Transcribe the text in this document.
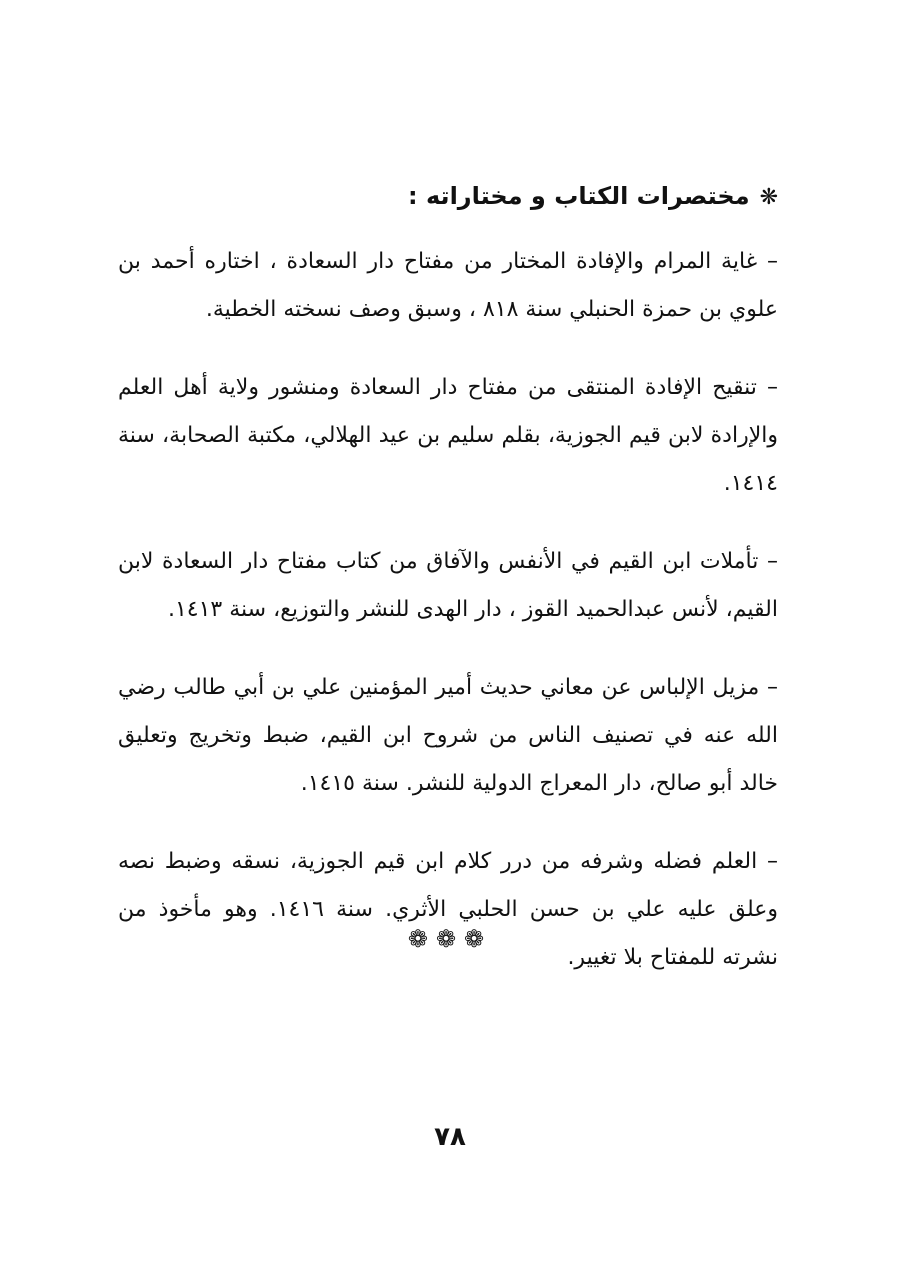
❋مختصرات الكتاب و مختاراته :

– غاية المرام والإفادة المختار من مفتاح دار السعادة ، اختاره أحمد بن علوي بن حمزة الحنبلي سنة ٨١٨ ، وسبق وصف نسخته الخطية.

– تنقيح الإفادة المنتقى من مفتاح دار السعادة ومنشور ولاية أهل العلم والإرادة لابن قيم الجوزية، بقلم سليم بن عيد الهلالي، مكتبة الصحابة، سنة ١٤١٤.

– تأملات ابن القيم في الأنفس والآفاق من كتاب مفتاح دار السعادة لابن القيم، لأنس عبدالحميد القوز ، دار الهدى للنشر والتوزيع، سنة ١٤١٣.

– مزيل الإلباس عن معاني حديث أمير المؤمنين علي بن أبي طالب رضي الله عنه في تصنيف الناس من شروح ابن القيم، ضبط وتخريج وتعليق خالد أبو صالح، دار المعراج الدولية للنشر. سنة ١٤١٥.

– العلم فضله وشرفه من درر كلام ابن قيم الجوزية، نسقه وضبط نصه وعلق عليه علي بن حسن الحلبي الأثري. سنة ١٤١٦. وهو مأخوذ من نشرته للمفتاح بلا تغيير.

❁❁❁
٧٨
